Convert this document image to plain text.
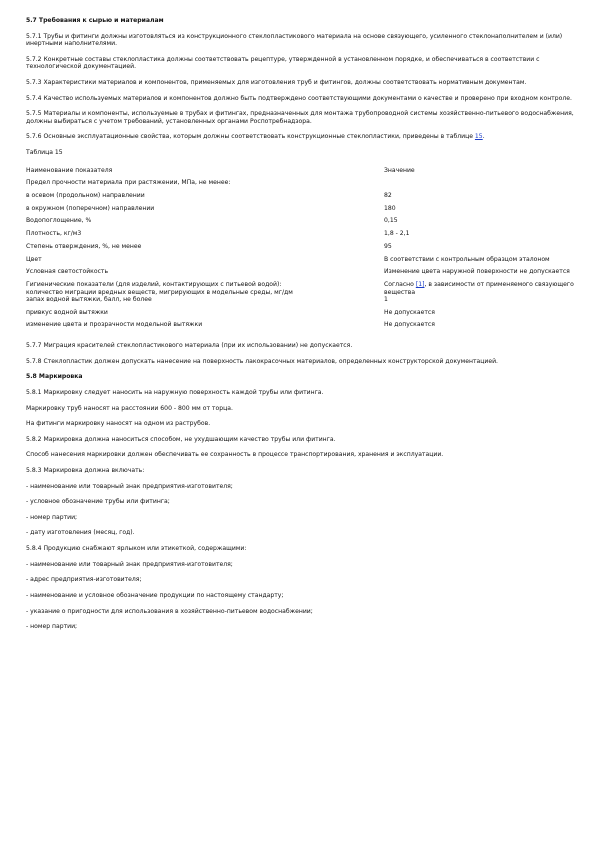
5.7 Требования к сырью и материалам
5.7.1 Трубы и фитинги должны изготовляться из конструкционного стеклопластикового материала на основе связующего, усиленного стеклонаполнителем и (или) инертными наполнителями.
5.7.2 Конкретные составы стеклопластика должны соответствовать рецептуре, утвержденной в установленном порядке, и обеспечиваться в соответствии с технологической документацией.
5.7.3 Характеристики материалов и компонентов, применяемых для изготовления труб и фитингов, должны соответствовать нормативным документам.
5.7.4 Качество используемых материалов и компонентов должно быть подтверждено соответствующими документами о качестве и проверено при входном контроле.
5.7.5 Материалы и компоненты, используемые в трубах и фитингах, предназначенных для монтажа трубопроводной системы хозяйственно-питьевого водоснабжения, должны выбираться с учетом требований, установленных органами Роспотребнадзора.
5.7.6 Основные эксплуатационные свойства, которым должны соответствовать конструкционные стеклопластики, приведены в таблице 15.
Таблица 15
Наименование показателя	Значение
Предел прочности материала при растяжении, МПа, не менее:	
в осевом (продольном) направлении	82
в окружном (поперечном) направлении	180
Водопоглощение, %	0,15
Плотность, кг/м3	1,8 - 2,1
Степень отверждения, %, не менее	95
Цвет	В соответствии с контрольным образцом эталоном
Условная светостойкость	Изменение цвета наружной поверхности не допускается
Гигиенические показатели (для изделий, контактирующих с питьевой водой):
количество миграции вредных веществ, мигрирующих в модельные среды, мг/дм	Согласно [1], в зависимости от применяемого связующего вещества
запах водной вытяжки, балл, не более	1
привкус водной вытяжки	Не допускается
изменение цвета и прозрачности модельной вытяжки	Не допускается
5.7.7 Миграция красителей стеклопластикового материала (при их использовании) не допускается.
5.7.8 Стеклопластик должен допускать нанесение на поверхность лакокрасочных материалов, определенных конструкторской документацией.
5.8 Маркировка
5.8.1 Маркировку следует наносить на наружную поверхность каждой трубы или фитинга.
Маркировку труб наносят на расстоянии 600 - 800 мм от торца.
На фитинги маркировку наносят на одном из раструбов.
5.8.2 Маркировка должна наноситься способом, не ухудшающим качество трубы или фитинга.
Способ нанесения маркировки должен обеспечивать ее сохранность в процессе транспортирования, хранения и эксплуатации.
5.8.3 Маркировка должна включать:
- наименование или товарный знак предприятия-изготовителя;
- условное обозначение трубы или фитинга;
- номер партии;
- дату изготовления (месяц, год).
5.8.4 Продукцию снабжают ярлыком или этикеткой, содержащими:
- наименование или товарный знак предприятия-изготовителя;
- адрес предприятия-изготовителя;
- наименование и условное обозначение продукции по настоящему стандарту;
- указание о пригодности для использования в хозяйственно-питьевом водоснабжении;
- номер партии;
